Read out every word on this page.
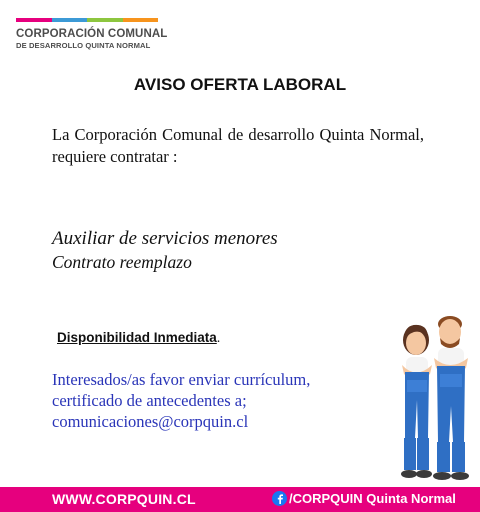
CORPORACIÓN COMUNAL
DE DESARROLLO QUINTA NORMAL
AVISO OFERTA LABORAL
La Corporación Comunal de desarrollo Quinta Normal, requiere contratar :
Auxiliar de servicios menores
Contrato reemplazo
Disponibilidad Inmediata.
Interesados/as favor enviar currículum,
certificado de antecedentes a;
comunicaciones@corpquin.cl
WWW.CORPQUIN.CL	/CORPQUIN Quinta Normal
